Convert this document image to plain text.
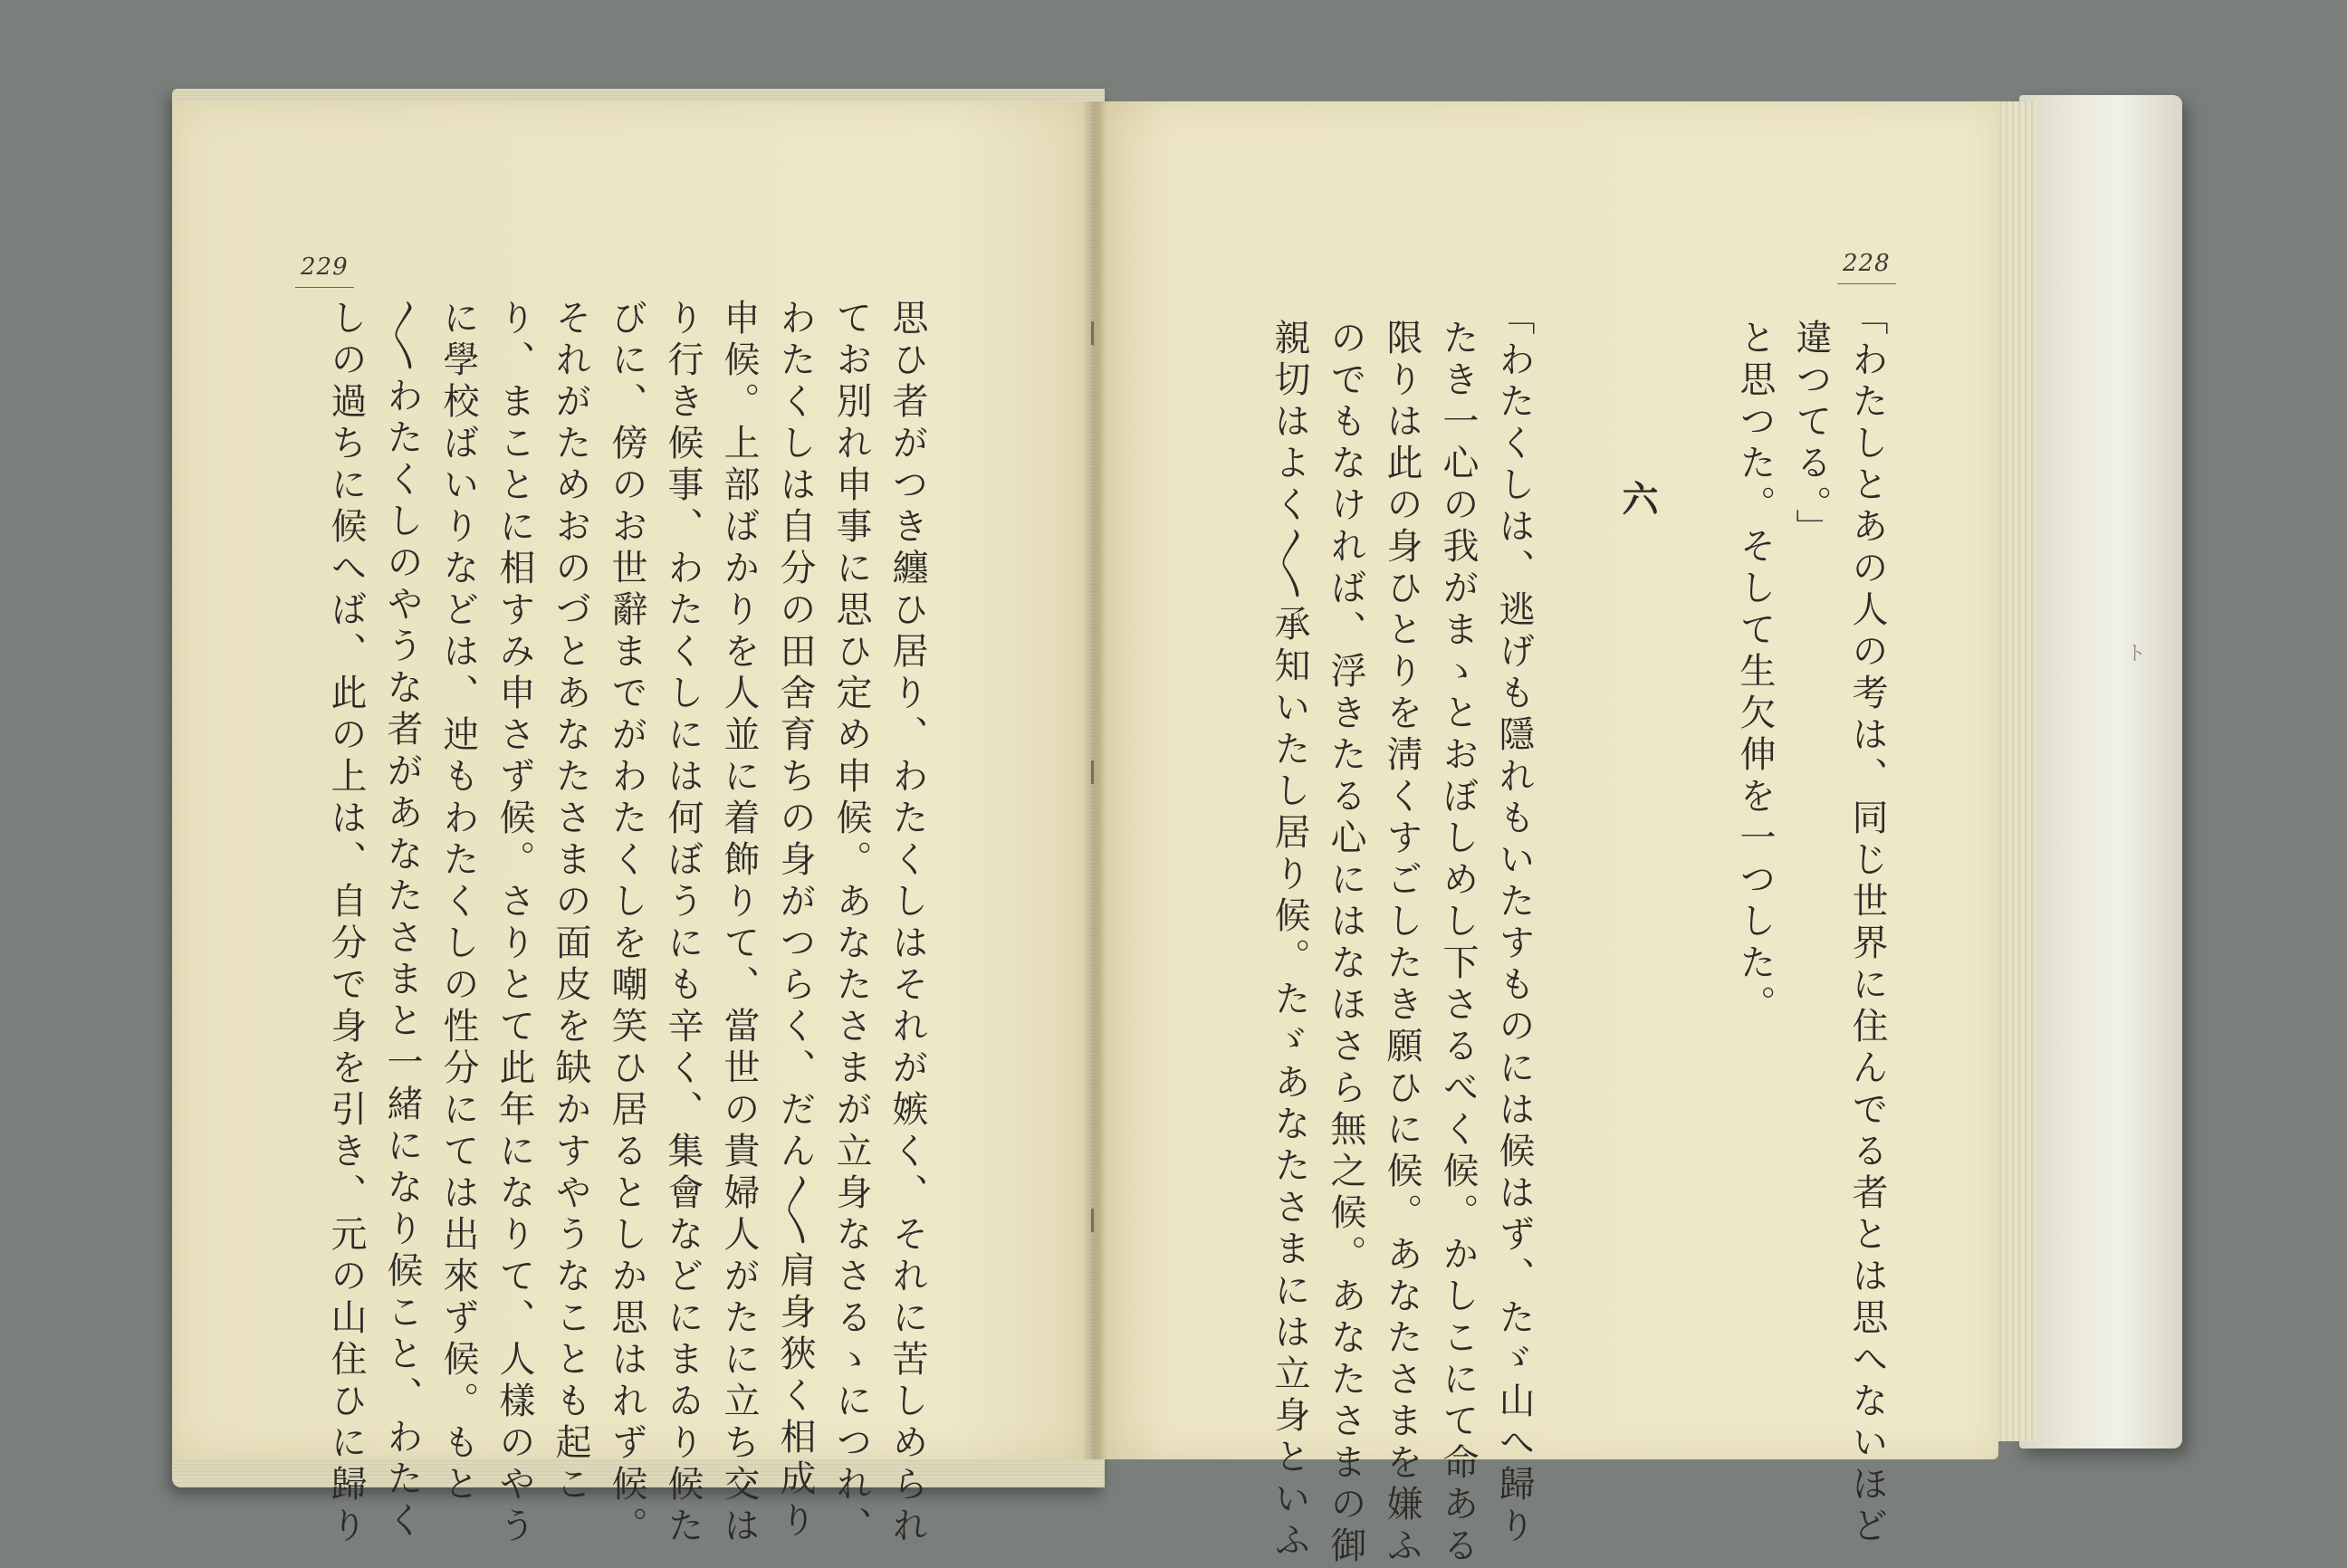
ト
229	228
思ひ者がつき纏ひ居り、わたくしはそれが嫉く、それに苦しめられ
てお別れ申事に思ひ定め申候。あなたさまが立身なさるゝにつれ、
わたくしは自分の田舍育ちの身がつらく、だん〳〵肩身狹く相成り
申候。上部ばかりを人並に着飾りて、當世の貴婦人がたに立ち交は
り行き候事、わたくしには何ぼうにも辛く、集會などにまゐり候た
びに、傍のお世辭までがわたくしを嘲笑ひ居るとしか思はれず候。
それがためおのづとあなたさまの面皮を缺かすやうなことも起こ
り、まことに相すみ申さず候。さりとて此年になりて、人樣のやう
に學校ばいりなどは、迚もわたくしの性分にては出來ず候。もと
〳〵わたくしのやうな者があなたさまと一緒になり候こと、わたく
しの過ちに候へば、此の上は、自分で身を引き、元の山住ひに歸り	「わたしとあの人の考は、同じ世界に住んでる者とは思へないほど
違つてる。」
と思つた。そして生欠伸を一つした。
六
「わたくしは、逃げも隱れもいたすものには候はず、たゞ山へ歸り
たき一心の我がまゝとおぼしめし下さるべく候。かしこにて命ある
限りは此の身ひとりを淸くすごしたき願ひに候。あなたさまを嫌ふ
のでもなければ、浮きたる心にはなほさら無之候。あなたさまの御
親切はよく〳〵承知いたし居り候。たゞあなたさまには立身といふ
